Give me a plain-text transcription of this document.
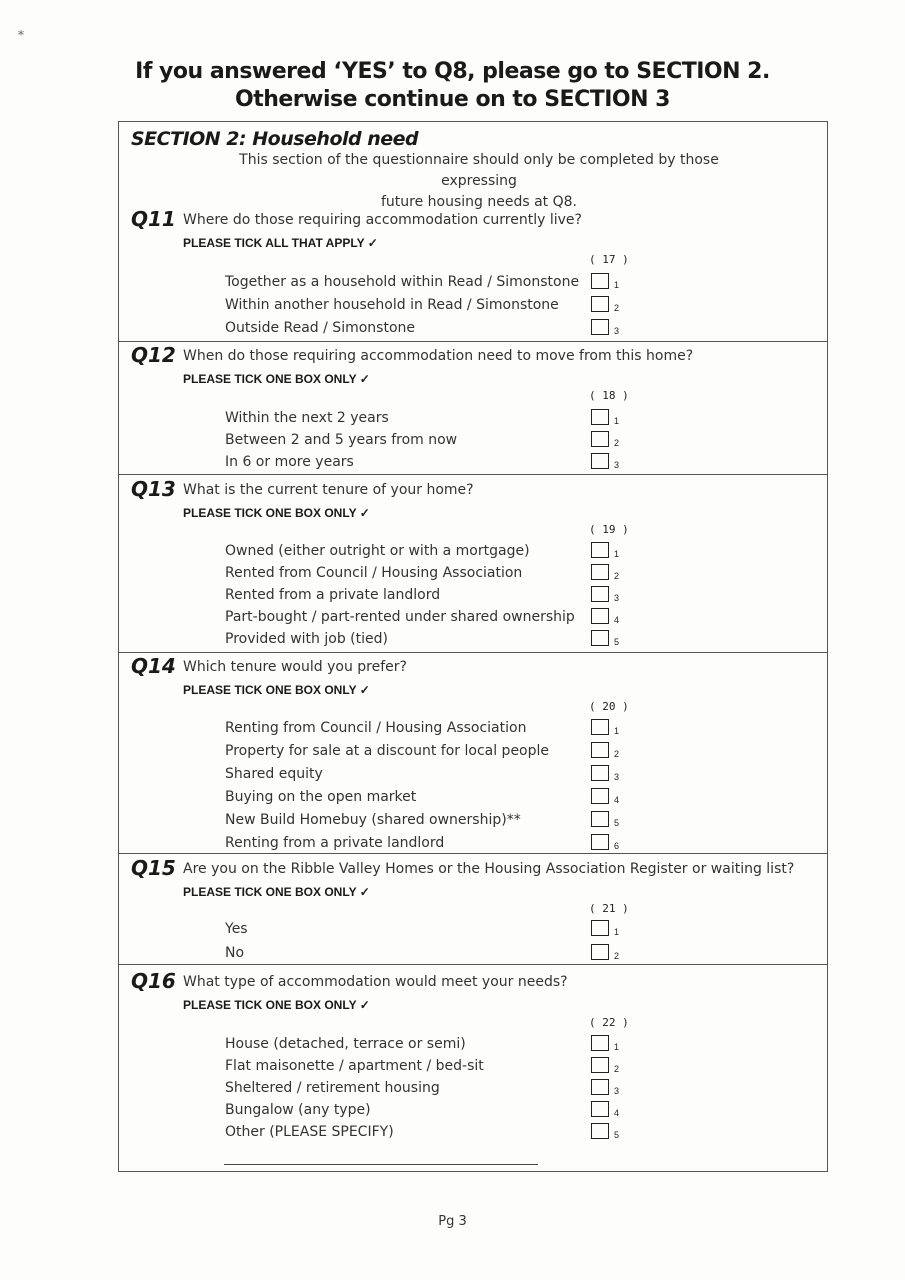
*
If you answered ‘YES’ to Q8, please go to SECTION 2.
Otherwise continue on to SECTION 3
SECTION 2: Household need
This section of the questionnaire should only be completed by those expressing
future housing needs at Q8.
Q11 Where do those requiring accommodation currently live?
PLEASE TICK ALL THAT APPLY ✓
( 17 )
Together as a household within Read / Simonstone	1
Within another household in Read / Simonstone	2
Outside Read / Simonstone	3
Q12 When do those requiring accommodation need to move from this home?
PLEASE TICK ONE BOX ONLY ✓
( 18 )
Within the next 2 years	1
Between 2 and 5 years from now	2
In 6 or more years	3
Q13 What is the current tenure of your home?
PLEASE TICK ONE BOX ONLY ✓
( 19 )
Owned (either outright or with a mortgage)	1
Rented from Council / Housing Association	2
Rented from a private landlord	3
Part-bought / part-rented under shared ownership	4
Provided with job (tied)	5
Q14 Which tenure would you prefer?
PLEASE TICK ONE BOX ONLY ✓
( 20 )
Renting from Council / Housing Association	1
Property for sale at a discount for local people	2
Shared equity	3
Buying on the open market	4
New Build Homebuy (shared ownership)**	5
Renting from a private landlord	6
Q15 Are you on the Ribble Valley Homes or the Housing Association Register or waiting list?
PLEASE TICK ONE BOX ONLY ✓
( 21 )
Yes	1
No	2
Q16 What type of accommodation would meet your needs?
PLEASE TICK ONE BOX ONLY ✓
( 22 )
House (detached, terrace or semi)	1
Flat maisonette / apartment / bed-sit	2
Sheltered / retirement housing	3
Bungalow (any type)	4
Other (PLEASE SPECIFY)	5
Pg 3
